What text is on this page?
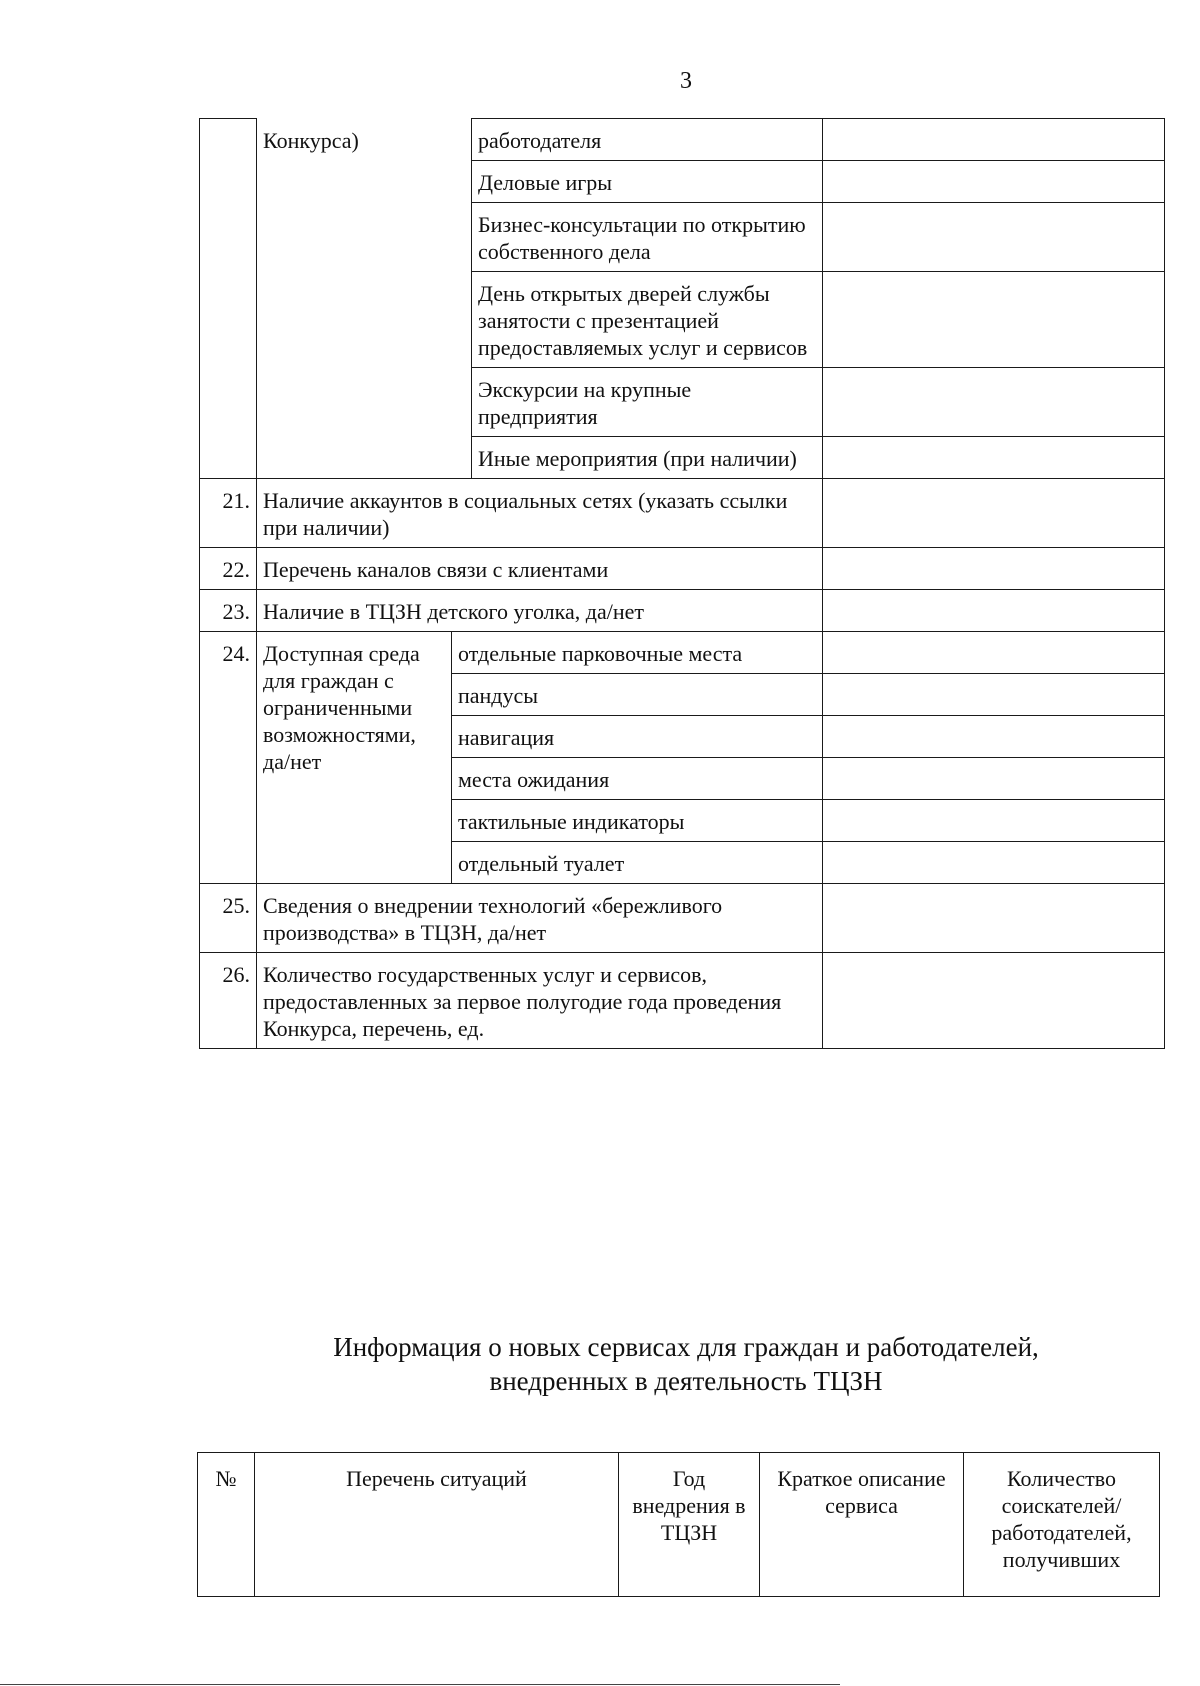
3
	Конкурса)		работодателя	
			Деловые игры	
			Бизнес-консультации по открытию собственного дела	
			День открытых дверей службы занятости с презентацией предоставляемых услуг и сервисов	
			Экскурсии на крупные предприятия	
			Иные мероприятия (при наличии)	
21.	Наличие аккаунтов в социальных сетях (указать ссылки при наличии)			
22.	Перечень каналов связи с клиентами			
23.	Наличие в ТЦЗН детского уголка, да/нет			
24.	Доступная среда для граждан с ограниченными возможностями, да/нет	отдельные парковочные места		
		пандусы		
		навигация		
		места ожидания		
		тактильные индикаторы		
		отдельный туалет		
25.	Сведения о внедрении технологий «бережливого производства» в ТЦЗН, да/нет			
26.	Количество государственных услуг и сервисов, предоставленных за первое полугодие года проведения Конкурса, перечень, ед.			
Информация о новых сервисах для граждан и работодателей,
внедренных в деятельность ТЦЗН
№	Перечень ситуаций	Год внедрения в ТЦЗН	Краткое описание сервиса	Количество соискателей/работодателей, получивших
